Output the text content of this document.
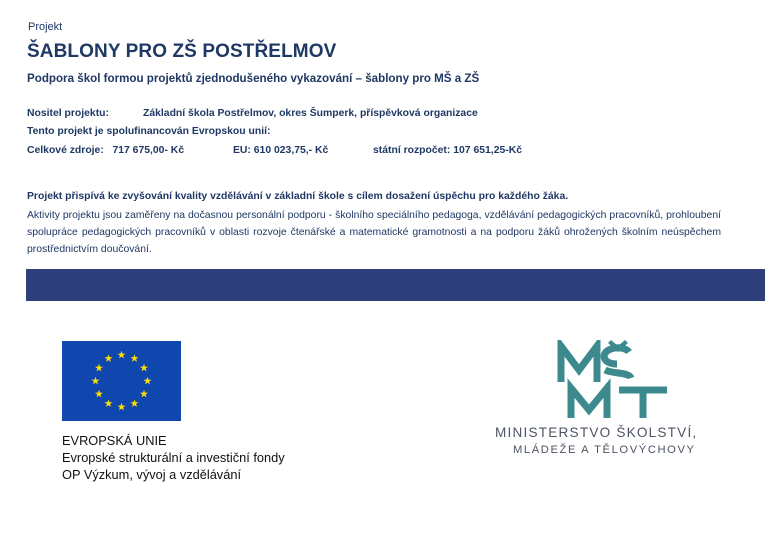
Projekt
ŠABLONY PRO ZŠ POSTŘELMOV
Podpora škol formou projektů zjednodušeného vykazování – šablony pro MŠ a ZŠ
Nositel projektu:	Základní škola Postřelmov, okres Šumperk, příspěvková organizace
Tento projekt je spolufinancován Evropskou unií:
Celkové zdroje:   717 675,00- Kč	EU: 610 023,75,- Kč	státní rozpočet: 107 651,25-Kč
Projekt přispívá ke zvyšování kvality vzdělávání v základní škole s cílem dosažení úspěchu pro každého žáka.
Aktivity projektu jsou zaměřeny na dočasnou personální podporu - školního speciálního pedagoga, vzdělávání pedagogických pracovníků, prohloubení spolupráce pedagogických pracovníků v oblasti rozvoje čtenářské a matematické gramotnosti a na podporu žáků ohrožených školním neúspěchem prostřednictvím doučování.
EVROPSKÁ UNIE
Evropské strukturální a investiční fondy
OP Výzkum, vývoj a vzdělávání
MINISTERSTVO ŠKOLSTVÍ,
MLÁDEŽE A TĚLOVÝCHOVY
